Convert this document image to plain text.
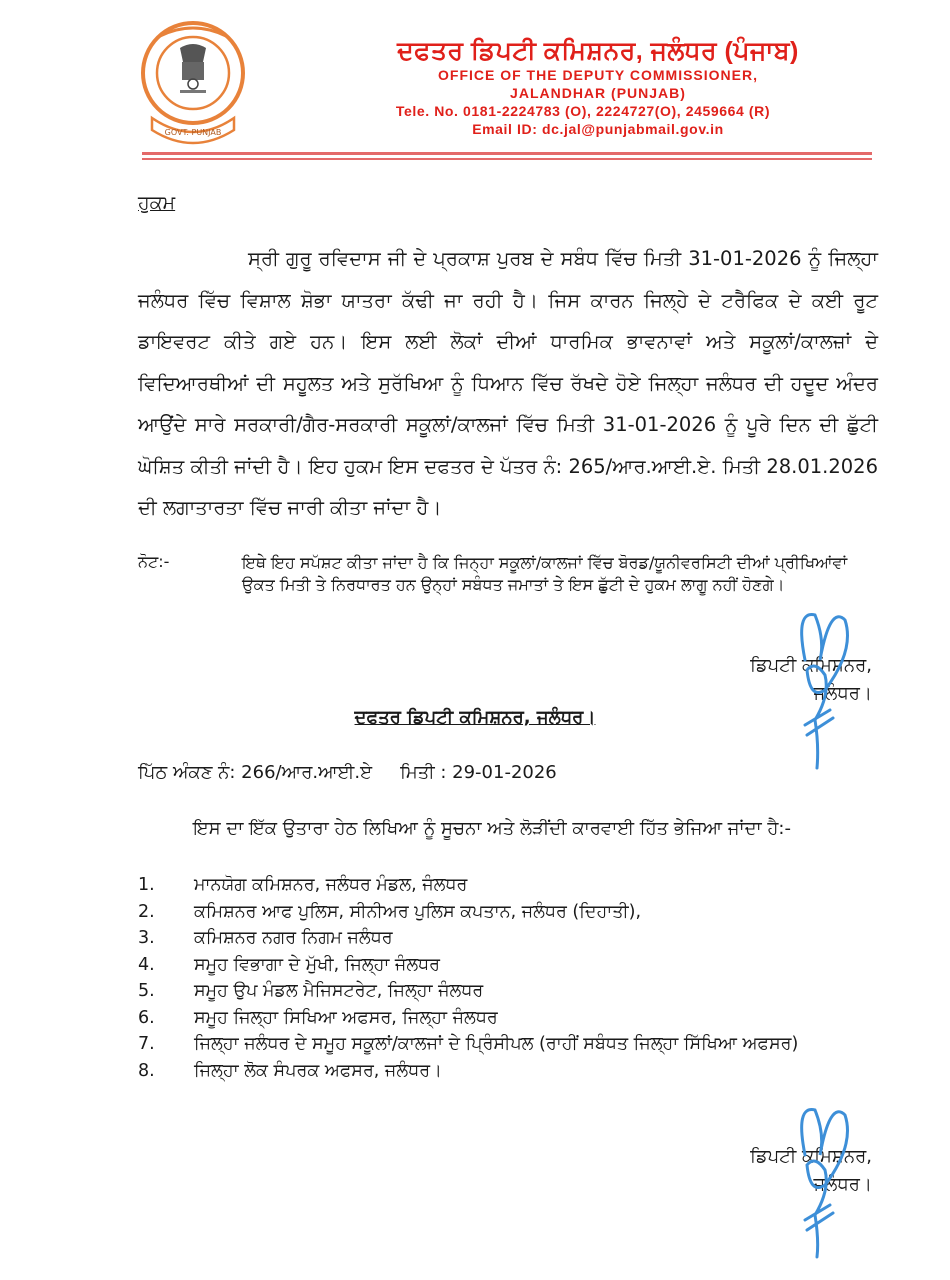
GOVT. PUNJAB
ਦਫਤਰ ਡਿਪਟੀ ਕਮਿਸ਼ਨਰ, ਜਲੰਧਰ (ਪੰਜਾਬ)
OFFICE OF THE DEPUTY COMMISSIONER,
JALANDHAR (PUNJAB)
Tele. No. 0181-2224783 (O), 2224727(O), 2459664 (R)
Email ID: dc.jal@punjabmail.gov.in
ਹੁਕਮ
ਸ੍ਰੀ ਗੁਰੂ ਰਵਿਦਾਸ ਜੀ ਦੇ ਪ੍ਰਕਾਸ਼ ਪੁਰਬ ਦੇ ਸਬੰਧ ਵਿੱਚ ਮਿਤੀ 31-01-2026 ਨੂੰ ਜਿਲ੍ਹਾ ਜਲੰਧਰ ਵਿੱਚ ਵਿਸ਼ਾਲ ਸ਼ੋਭਾ ਯਾਤਰਾ ਕੱਢੀ ਜਾ ਰਹੀ ਹੈ। ਜਿਸ ਕਾਰਨ ਜਿਲ੍ਹੇ ਦੇ ਟਰੈਫਿਕ ਦੇ ਕਈ ਰੂਟ ਡਾਇਵਰਟ ਕੀਤੇ ਗਏ ਹਨ। ਇਸ ਲਈ ਲੋਕਾਂ ਦੀਆਂ ਧਾਰਮਿਕ ਭਾਵਨਾਵਾਂ ਅਤੇ ਸਕੂਲਾਂ/ਕਾਲਜ਼ਾਂ ਦੇ ਵਿਦਿਆਰਥੀਆਂ ਦੀ ਸਹੂਲਤ ਅਤੇ ਸੁਰੱਖਿਆ ਨੂੰ ਧਿਆਨ ਵਿੱਚ ਰੱਖਦੇ ਹੋਏ ਜਿਲ੍ਹਾ ਜਲੰਧਰ ਦੀ ਹਦੂਦ ਅੰਦਰ ਆਉਂਦੇ ਸਾਰੇ ਸਰਕਾਰੀ/ਗੈਰ-ਸਰਕਾਰੀ ਸਕੂਲਾਂ/ਕਾਲਜਾਂ ਵਿੱਚ ਮਿਤੀ 31-01-2026 ਨੂੰ ਪੂਰੇ ਦਿਨ ਦੀ ਛੁੱਟੀ ਘੋਸ਼ਿਤ ਕੀਤੀ ਜਾਂਦੀ ਹੈ। ਇਹ ਹੁਕਮ ਇਸ ਦਫਤਰ ਦੇ ਪੱਤਰ ਨੰ: 265/ਆਰ.ਆਈ.ਏ. ਮਿਤੀ 28.01.2026 ਦੀ ਲਗਾਤਾਰਤਾ ਵਿੱਚ ਜਾਰੀ ਕੀਤਾ ਜਾਂਦਾ ਹੈ।
ਨੋਟ:-	ਇਥੇ ਇਹ ਸਪੱਸ਼ਟ ਕੀਤਾ ਜਾਂਦਾ ਹੈ ਕਿ ਜਿਨ੍ਹਾ ਸਕੂਲਾਂ/ਕਾਲਜਾਂ ਵਿੱਚ ਬੋਰਡ/ਯੂਨੀਵਰਸਿਟੀ ਦੀਆਂ ਪ੍ਰੀਖਿਆਂਵਾਂ ਉਕਤ ਮਿਤੀ ਤੇ ਨਿਰਧਾਰਤ ਹਨ ਉਨ੍ਹਾਂ ਸਬੰਧਤ ਜਮਾਤਾਂ ਤੇ ਇਸ ਛੁੱਟੀ ਦੇ ਹੁਕਮ ਲਾਗੂ ਨਹੀਂ ਹੋਣਗੇ।
ਡਿਪਟੀ ਕਮਿਸ਼ਨਰ,
ਜਲੰਧਰ।
ਦਫਤਰ ਡਿਪਟੀ ਕਮਿਸ਼ਨਰ, ਜਲੰਧਰ।
ਪਿੱਠ ਅੰਕਣ ਨੰ: 266/ਆਰ.ਆਈ.ਏ ਮਿਤੀ : 29-01-2026
ਇਸ ਦਾ ਇੱਕ ਉਤਾਰਾ ਹੇਠ ਲਿਖਿਆ ਨੂੰ ਸੂਚਨਾ ਅਤੇ ਲੋੜੀਂਦੀ ਕਾਰਵਾਈ ਹਿੱਤ ਭੇਜਿਆ ਜਾਂਦਾ ਹੈ:-
1.	ਮਾਨਯੋਗ ਕਮਿਸ਼ਨਰ, ਜਲੰਧਰ ਮੰਡਲ, ਜੰਲਧਰ
2.	ਕਮਿਸ਼ਨਰ ਆਫ ਪੁਲਿਸ, ਸੀਨੀਅਰ ਪੁਲਿਸ ਕਪਤਾਨ, ਜਲੰਧਰ (ਦਿਹਾਤੀ),
3.	ਕਮਿਸ਼ਨਰ ਨਗਰ ਨਿਗਮ ਜਲੰਧਰ
4.	ਸਮੂਹ ਵਿਭਾਗਾ ਦੇ ਮੁੱਖੀ, ਜਿਲ੍ਹਾ ਜੰਲਧਰ
5.	ਸਮੂਹ ਉਪ ਮੰਡਲ ਮੈਜਿਸਟਰੇਟ, ਜਿਲ੍ਹਾ ਜੰਲਧਰ
6.	ਸਮੂਹ ਜਿਲ੍ਹਾ ਸਿਖਿਆ ਅਫਸਰ, ਜਿਲ੍ਹਾ ਜੰਲਧਰ
7.	ਜਿਲ੍ਹਾ ਜਲੰਧਰ ਦੇ ਸਮੂਹ ਸਕੂਲਾਂ/ਕਾਲਜਾਂ ਦੇ ਪ੍ਰਿੰਸੀਪਲ (ਰਾਹੀਂ ਸਬੰਧਤ ਜਿਲ੍ਹਾ ਸਿੱਖਿਆ ਅਫਸਰ)
8.	ਜਿਲ੍ਹਾ ਲੋਕ ਸੰਪਰਕ ਅਫਸਰ, ਜਲੰਧਰ।
ਡਿਪਟੀ ਕਮਿਸ਼ਨਰ,
ਜਲੰਧਰ।
